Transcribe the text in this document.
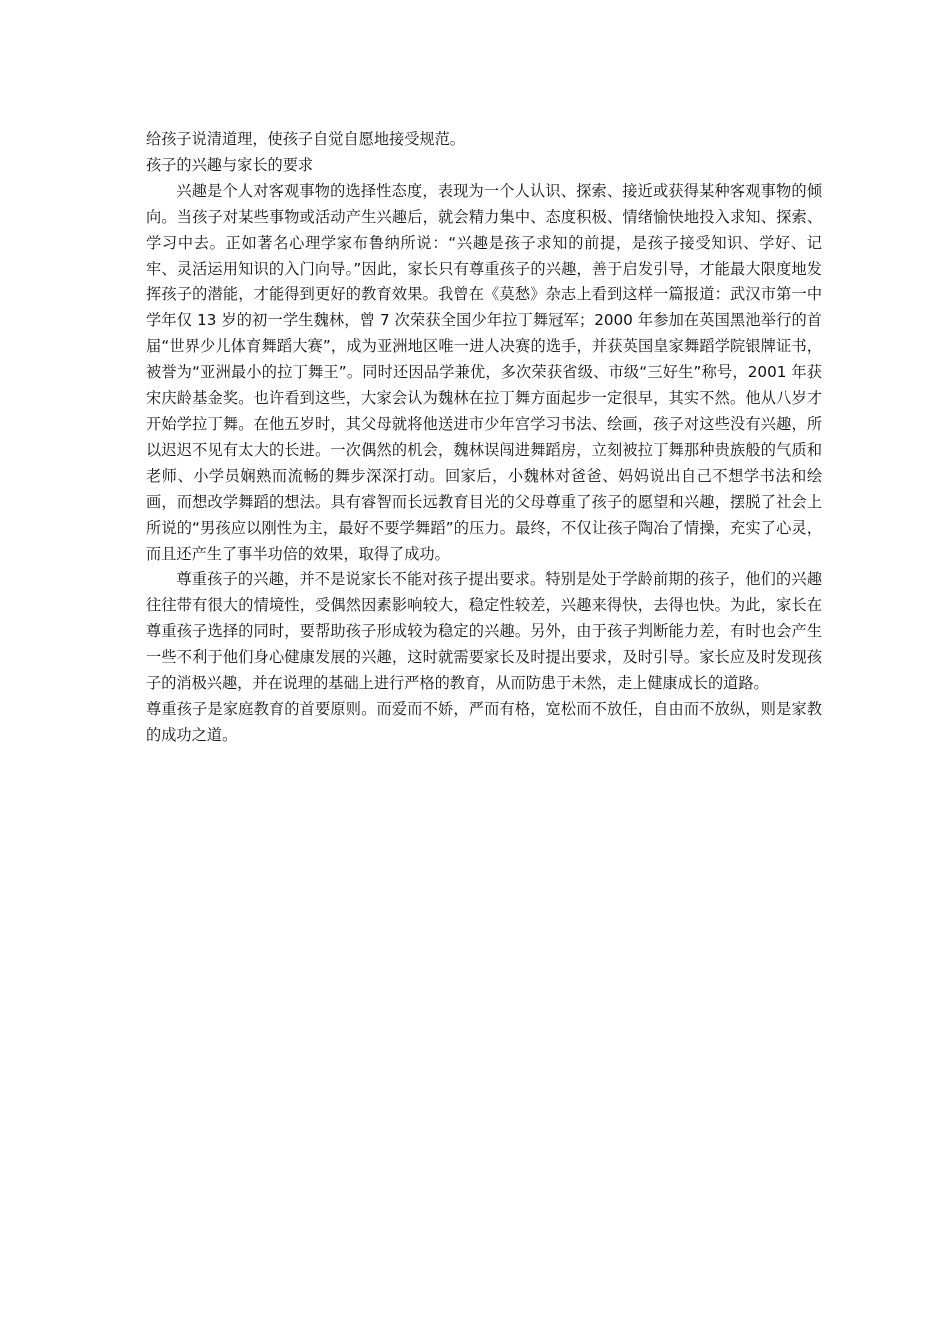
给孩子说清道理，使孩子自觉自愿地接受规范。

孩子的兴趣与家长的要求

兴趣是个人对客观事物的选择性态度，表现为一个人认识、探索、接近或获得某种客观事物的倾向。当孩子对某些事物或活动产生兴趣后，就会精力集中、态度积极、情绪愉快地投入求知、探索、学习中去。正如著名心理学家布鲁纳所说：“兴趣是孩子求知的前提，是孩子接受知识、学好、记牢、灵活运用知识的入门向导。”因此，家长只有尊重孩子的兴趣，善于启发引导，才能最大限度地发挥孩子的潜能，才能得到更好的教育效果。我曾在《莫愁》杂志上看到这样一篇报道：武汉市第一中学年仅 13 岁的初一学生魏林，曾 7 次荣获全国少年拉丁舞冠军；2000 年参加在英国黑池举行的首届“世界少儿体育舞蹈大赛”，成为亚洲地区唯一进人决赛的选手，并获英国皇家舞蹈学院银牌证书，被誉为“亚洲最小的拉丁舞王”。同时还因品学兼优，多次荣获省级、市级“三好生”称号，2001 年获宋庆龄基金奖。也许看到这些，大家会认为魏林在拉丁舞方面起步一定很早，其实不然。他从八岁才开始学拉丁舞。在他五岁时，其父母就将他送进市少年宫学习书法、绘画，孩子对这些没有兴趣，所以迟迟不见有太大的长进。一次偶然的机会，魏林误闯进舞蹈房，立刻被拉丁舞那种贵族般的气质和老师、小学员娴熟而流畅的舞步深深打动。回家后，小魏林对爸爸、妈妈说出自己不想学书法和绘画，而想改学舞蹈的想法。具有睿智而长远教育目光的父母尊重了孩子的愿望和兴趣，摆脱了社会上所说的“男孩应以刚性为主，最好不要学舞蹈”的压力。最终，不仅让孩子陶冶了情操，充实了心灵，而且还产生了事半功倍的效果，取得了成功。

尊重孩子的兴趣，并不是说家长不能对孩子提出要求。特别是处于学龄前期的孩子，他们的兴趣往往带有很大的情境性，受偶然因素影响较大，稳定性较差，兴趣来得快，去得也快。为此，家长在尊重孩子选择的同时，要帮助孩子形成较为稳定的兴趣。另外，由于孩子判断能力差，有时也会产生一些不利于他们身心健康发展的兴趣，这时就需要家长及时提出要求，及时引导。家长应及时发现孩子的消极兴趣，并在说理的基础上进行严格的教育，从而防患于未然，走上健康成长的道路。

尊重孩子是家庭教育的首要原则。而爱而不娇，严而有格，宽松而不放任，自由而不放纵，则是家教的成功之道。
